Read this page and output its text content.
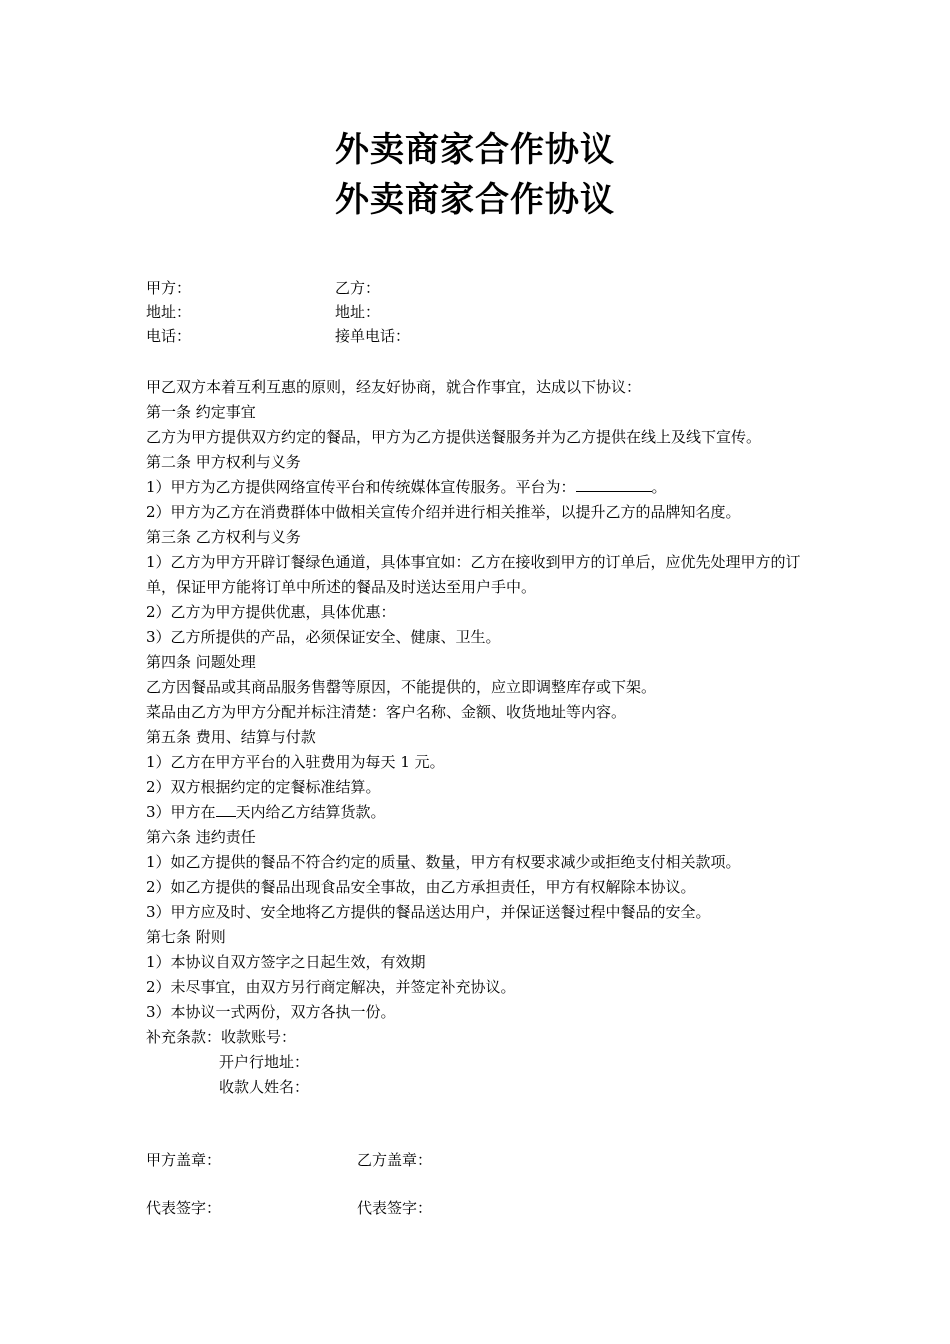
外卖商家合作协议
外卖商家合作协议
甲方：	乙方：
地址：	地址：
电话：	接单电话：
甲乙双方本着互利互惠的原则，经友好协商，就合作事宜，达成以下协议：
第一条 约定事宜
乙方为甲方提供双方约定的餐品，甲方为乙方提供送餐服务并为乙方提供在线上及线下宣传。
第二条 甲方权利与义务
1）甲方为乙方提供网络宣传平台和传统媒体宣传服务。平台为：	。
2）甲方为乙方在消费群体中做相关宣传介绍并进行相关推举，以提升乙方的品牌知名度。
第三条 乙方权利与义务
1）乙方为甲方开辟订餐绿色通道，具体事宜如：乙方在接收到甲方的订单后，应优先处理甲方的订单，保证甲方能将订单中所述的餐品及时送达至用户手中。
2）乙方为甲方提供优惠，具体优惠：
3）乙方所提供的产品，必须保证安全、健康、卫生。
第四条 问题处理
乙方因餐品或其商品服务售罄等原因，不能提供的，应立即调整库存或下架。
菜品由乙方为甲方分配并标注清楚：客户名称、金额、收货地址等内容。
第五条 费用、结算与付款
1）乙方在甲方平台的入驻费用为每天 1 元。
2）双方根据约定的定餐标准结算。
3）甲方在 天内给乙方结算货款。
第六条 违约责任
1）如乙方提供的餐品不符合约定的质量、数量，甲方有权要求减少或拒绝支付相关款项。
2）如乙方提供的餐品出现食品安全事故，由乙方承担责任，甲方有权解除本协议。
3）甲方应及时、安全地将乙方提供的餐品送达用户，并保证送餐过程中餐品的安全。
第七条 附则
1）本协议自双方签字之日起生效，有效期
2）未尽事宜，由双方另行商定解决，并签定补充协议。
3）本协议一式两份，双方各执一份。
补充条款：收款账号：
开户行地址：
收款人姓名：
甲方盖章：	乙方盖章：
代表签字：	代表签字：
